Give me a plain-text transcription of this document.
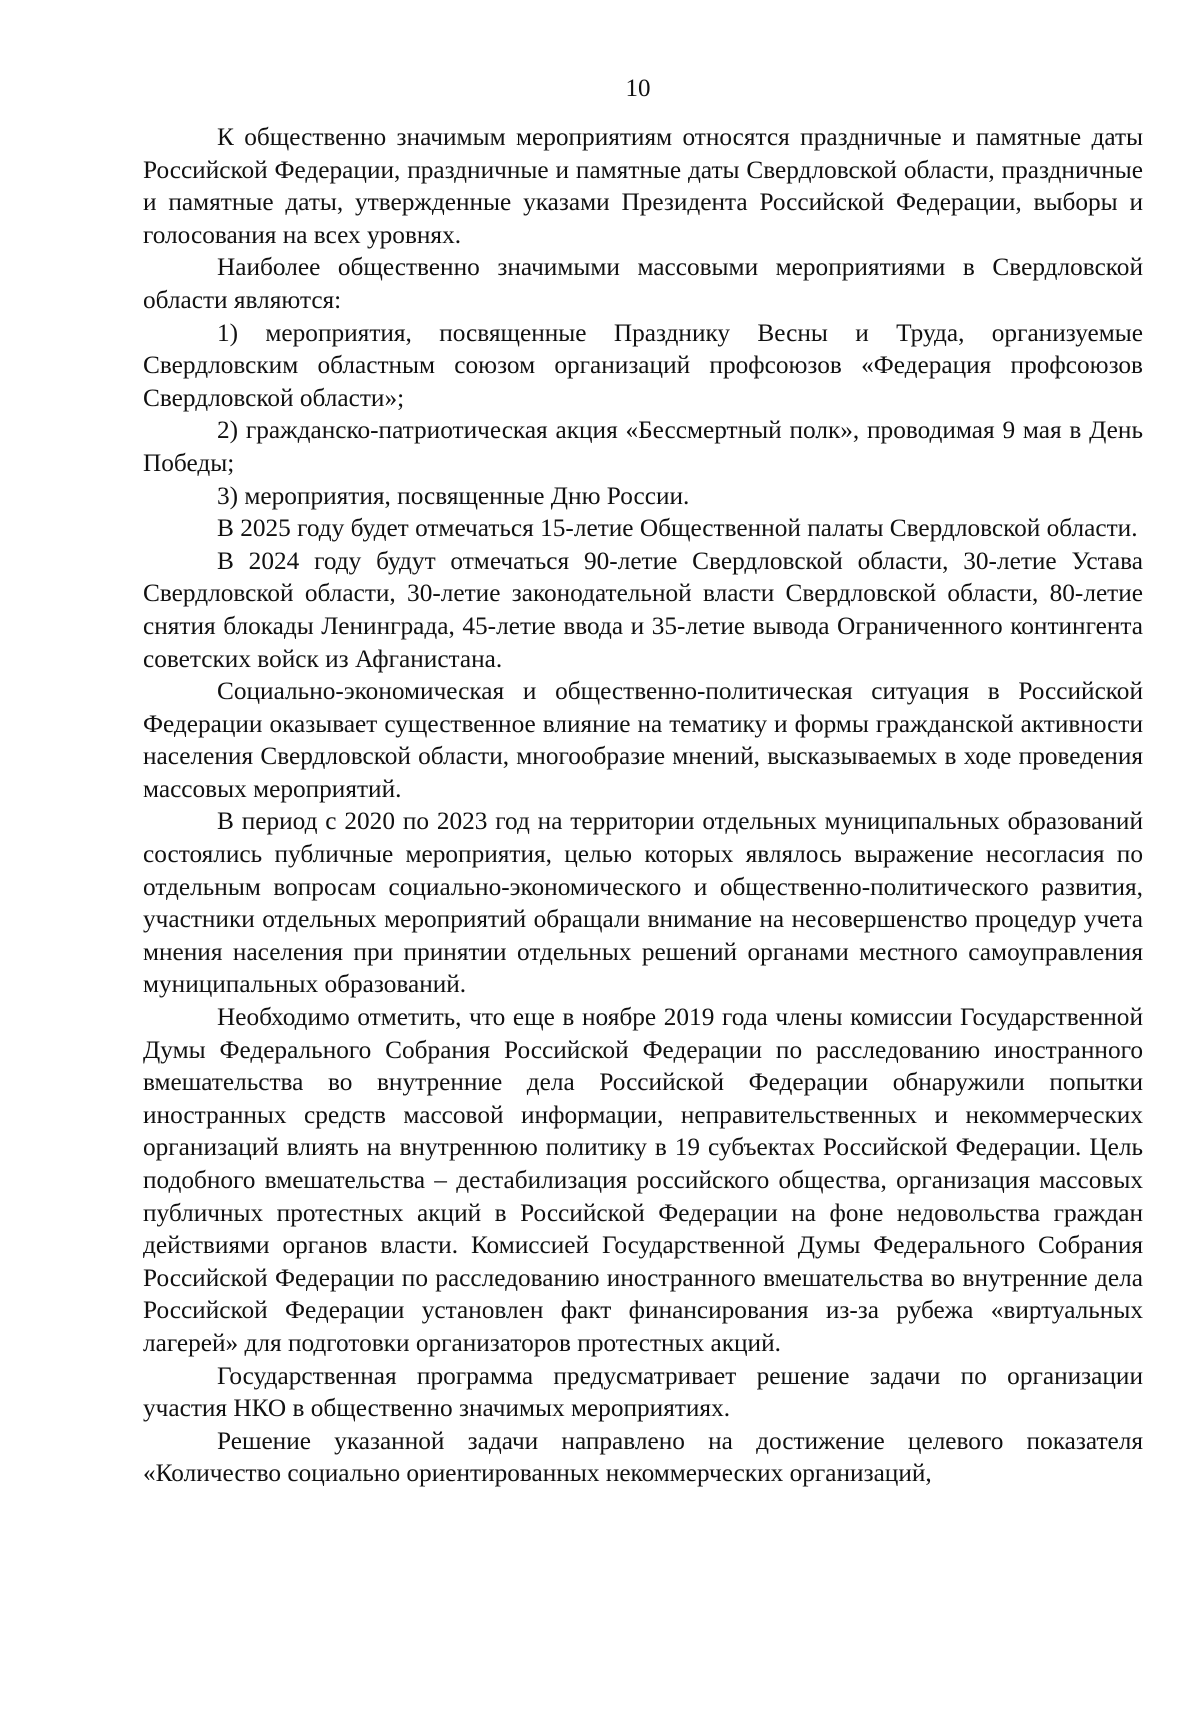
10

К общественно значимым мероприятиям относятся праздничные и памятные даты Российской Федерации, праздничные и памятные даты Свердловской области, праздничные и памятные даты, утвержденные указами Президента Российской Федерации, выборы и голосования на всех уровнях.

Наиболее общественно значимыми массовыми мероприятиями в Свердловской области являются:

1) мероприятия, посвященные Празднику Весны и Труда, организуемые Свердловским областным союзом организаций профсоюзов «Федерация профсоюзов Свердловской области»;

2) гражданско-патриотическая акция «Бессмертный полк», проводимая 9 мая в День Победы;

3) мероприятия, посвященные Дню России.

В 2025 году будет отмечаться 15-летие Общественной палаты Свердловской области.

В 2024 году будут отмечаться 90-летие Свердловской области, 30-летие Устава Свердловской области, 30-летие законодательной власти Свердловской области, 80-летие снятия блокады Ленинграда, 45-летие ввода и 35-летие вывода Ограниченного контингента советских войск из Афганистана.

Социально-экономическая и общественно-политическая ситуация в Российской Федерации оказывает существенное влияние на тематику и формы гражданской активности населения Свердловской области, многообразие мнений, высказываемых в ходе проведения массовых мероприятий.

В период с 2020 по 2023 год на территории отдельных муниципальных образований состоялись публичные мероприятия, целью которых являлось выражение несогласия по отдельным вопросам социально-экономического и общественно-политического развития, участники отдельных мероприятий обращали внимание на несовершенство процедур учета мнения населения при принятии отдельных решений органами местного самоуправления муниципальных образований.

Необходимо отметить, что еще в ноябре 2019 года члены комиссии Государственной Думы Федерального Собрания Российской Федерации по расследованию иностранного вмешательства во внутренние дела Российской Федерации обнаружили попытки иностранных средств массовой информации, неправительственных и некоммерческих организаций влиять на внутреннюю политику в 19 субъектах Российской Федерации. Цель подобного вмешательства – дестабилизация российского общества, организация массовых публичных протестных акций в Российской Федерации на фоне недовольства граждан действиями органов власти. Комиссией Государственной Думы Федерального Собрания Российской Федерации по расследованию иностранного вмешательства во внутренние дела Российской Федерации установлен факт финансирования из-за рубежа «виртуальных лагерей» для подготовки организаторов протестных акций.

Государственная программа предусматривает решение задачи по организации участия НКО в общественно значимых мероприятиях.

Решение указанной задачи направлено на достижение целевого показателя «Количество социально ориентированных некоммерческих организаций,
